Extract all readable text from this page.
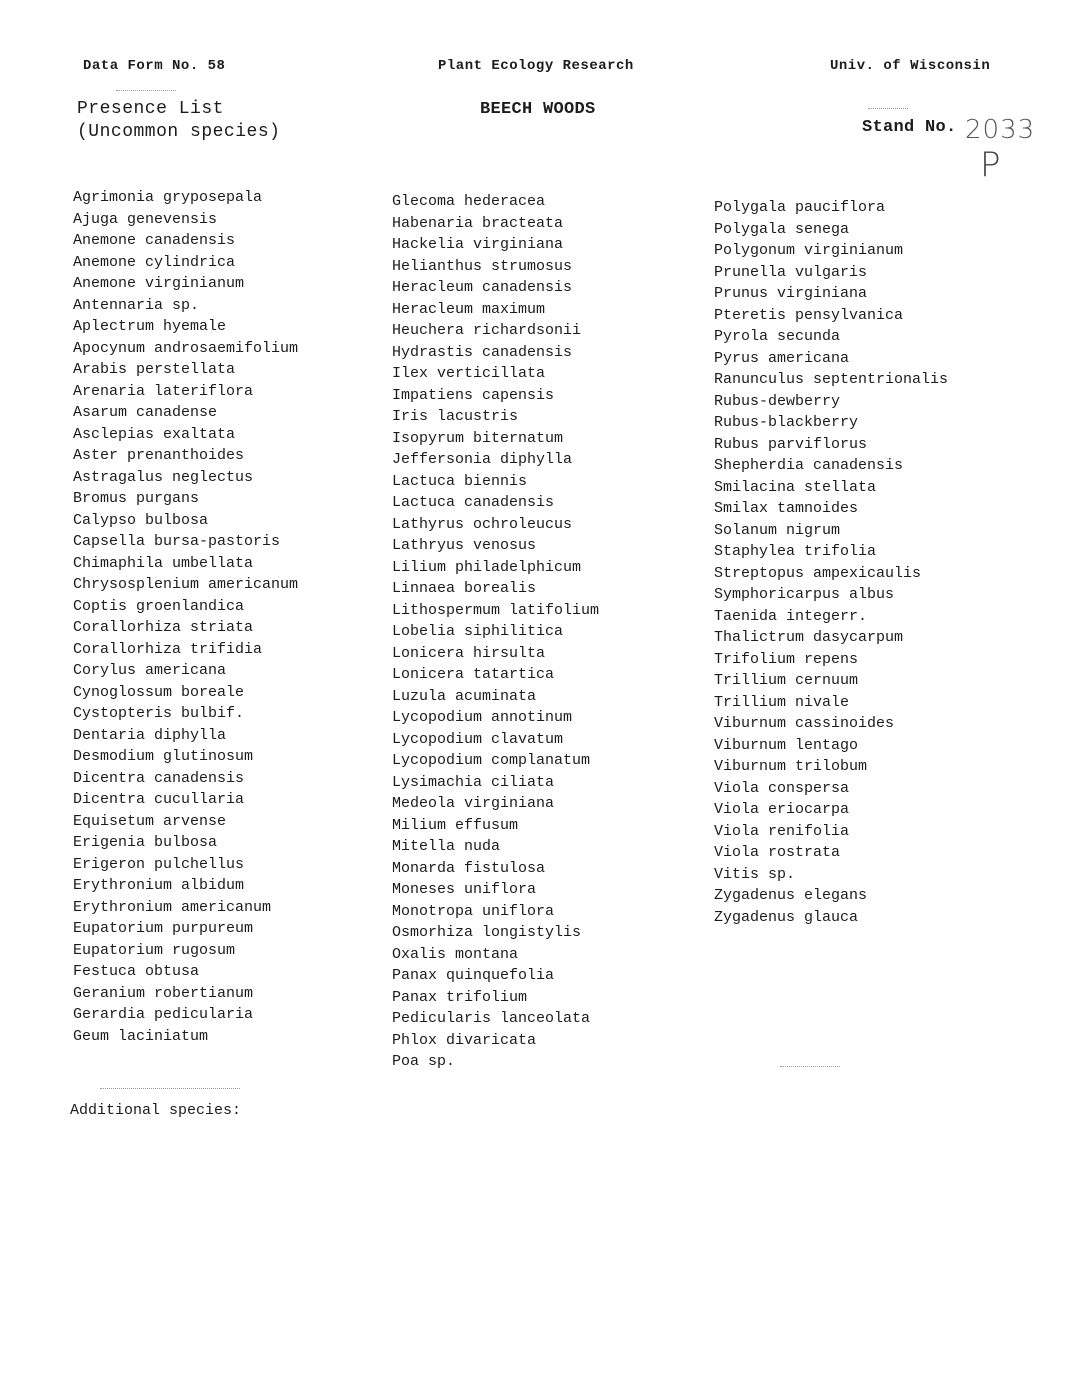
Data Form No. 58	Plant Ecology Research	Univ. of Wisconsin
Presence List
(Uncommon species)
BEECH WOODS
Stand No. 2033
P
Agrimonia gryposepala
Ajuga genevensis
Anemone canadensis
Anemone cylindrica
Anemone virginianum
Antennaria sp.
Aplectrum hyemale
Apocynum androsaemifolium
Arabis perstellata
Arenaria lateriflora
Asarum canadense
Asclepias exaltata
Aster prenanthoides
Astragalus neglectus
Bromus purgans
Calypso bulbosa
Capsella bursa-pastoris
Chimaphila umbellata
Chrysosplenium americanum
Coptis groenlandica
Corallorhiza striata
Corallorhiza trifidia
Corylus americana
Cynoglossum boreale
Cystopteris bulbif.
Dentaria diphylla
Desmodium glutinosum
Dicentra canadensis
Dicentra cucullaria
Equisetum arvense
Erigenia bulbosa
Erigeron pulchellus
Erythronium albidum
Erythronium americanum
Eupatorium purpureum
Eupatorium rugosum
Festuca obtusa
Geranium robertianum
Gerardia pedicularia
Geum laciniatum
Glecoma hederacea
Habenaria bracteata
Hackelia virginiana
Helianthus strumosus
Heracleum canadensis
Heracleum maximum
Heuchera richardsonii
Hydrastis canadensis
Ilex verticillata
Impatiens capensis
Iris lacustris
Isopyrum biternatum
Jeffersonia diphylla
Lactuca biennis
Lactuca canadensis
Lathyrus ochroleucus
Lathryus venosus
Lilium philadelphicum
Linnaea borealis
Lithospermum latifolium
Lobelia siphilitica
Lonicera hirsulta
Lonicera tatartica
Luzula acuminata
Lycopodium annotinum
Lycopodium clavatum
Lycopodium complanatum
Lysimachia ciliata
Medeola virginiana
Milium effusum
Mitella nuda
Monarda fistulosa
Moneses uniflora
Monotropa uniflora
Osmorhiza longistylis
Oxalis montana
Panax quinquefolia
Panax trifolium
Pedicularis lanceolata
Phlox divaricata
Poa sp.
Polygala pauciflora
Polygala senega
Polygonum virginianum
Prunella vulgaris
Prunus virginiana
Pteretis pensylvanica
Pyrola secunda
Pyrus americana
Ranunculus septentrionalis
Rubus-dewberry
Rubus-blackberry
Rubus parviflorus
Shepherdia canadensis
Smilacina stellata
Smilax tamnoides
Solanum nigrum
Staphylea trifolia
Streptopus ampexicaulis
Symphoricarpus albus
Taenida integerr.
Thalictrum dasycarpum
Trifolium repens
Trillium cernuum
Trillium nivale
Viburnum cassinoides
Viburnum lentago
Viburnum trilobum
Viola conspersa
Viola eriocarpa
Viola renifolia
Viola rostrata
Vitis sp.
Zygadenus elegans
Zygadenus glauca
Additional species:
